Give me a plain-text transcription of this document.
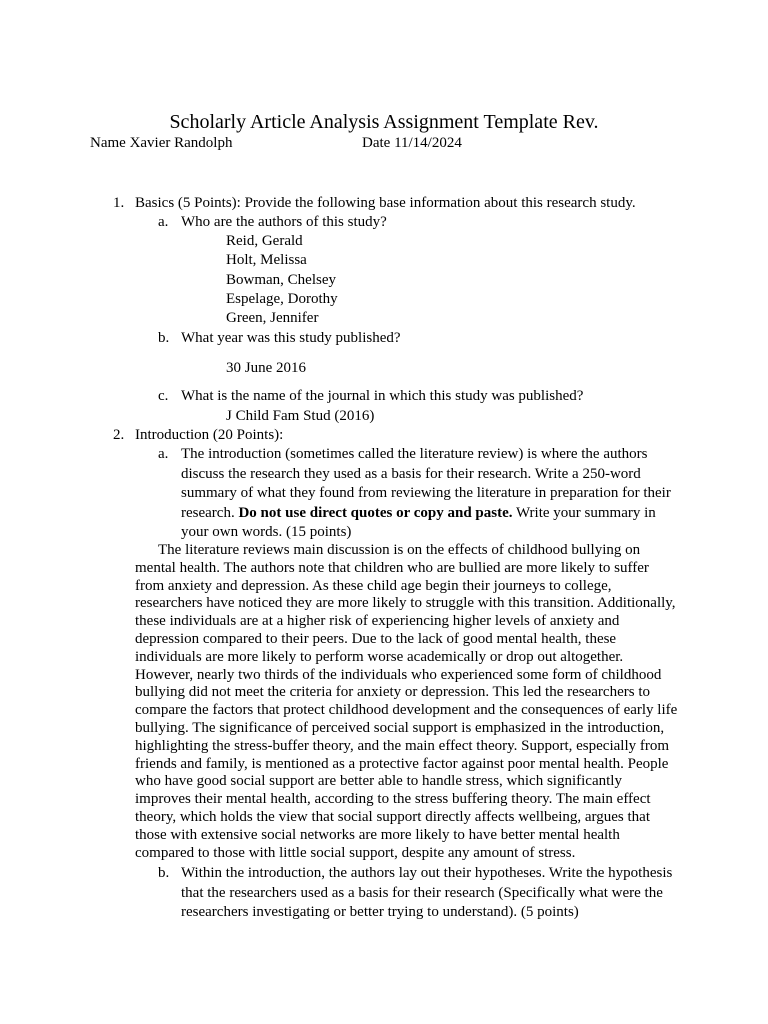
Scholarly Article Analysis Assignment Template Rev.
Name Xavier Randolph	Date 11/14/2024
1. Basics (5 Points): Provide the following base information about this research study.
a. Who are the authors of this study?
Reid, Gerald
Holt, Melissa
Bowman, Chelsey
Espelage, Dorothy
Green, Jennifer
b. What year was this study published?
30 June 2016
c. What is the name of the journal in which this study was published?
J Child Fam Stud (2016)
2. Introduction (20 Points):
a. The introduction (sometimes called the literature review) is where the authors discuss the research they used as a basis for their research. Write a 250-word summary of what they found from reviewing the literature in preparation for their research. Do not use direct quotes or copy and paste. Write your summary in your own words. (15 points)
The literature reviews main discussion is on the effects of childhood bullying on mental health. The authors note that children who are bullied are more likely to suffer from anxiety and depression. As these child age begin their journeys to college, researchers have noticed they are more likely to struggle with this transition. Additionally, these individuals are at a higher risk of experiencing higher levels of anxiety and depression compared to their peers. Due to the lack of good mental health, these individuals are more likely to perform worse academically or drop out altogether. However, nearly two thirds of the individuals who experienced some form of childhood bullying did not meet the criteria for anxiety or depression. This led the researchers to compare the factors that protect childhood development and the consequences of early life bullying. The significance of perceived social support is emphasized in the introduction, highlighting the stress-buffer theory, and the main effect theory. Support, especially from friends and family, is mentioned as a protective factor against poor mental health. People who have good social support are better able to handle stress, which significantly improves their mental health, according to the stress buffering theory. The main effect theory, which holds the view that social support directly affects wellbeing, argues that those with extensive social networks are more likely to have better mental health compared to those with little social support, despite any amount of stress.
b. Within the introduction, the authors lay out their hypotheses. Write the hypothesis that the researchers used as a basis for their research (Specifically what were the researchers investigating or better trying to understand). (5 points)
